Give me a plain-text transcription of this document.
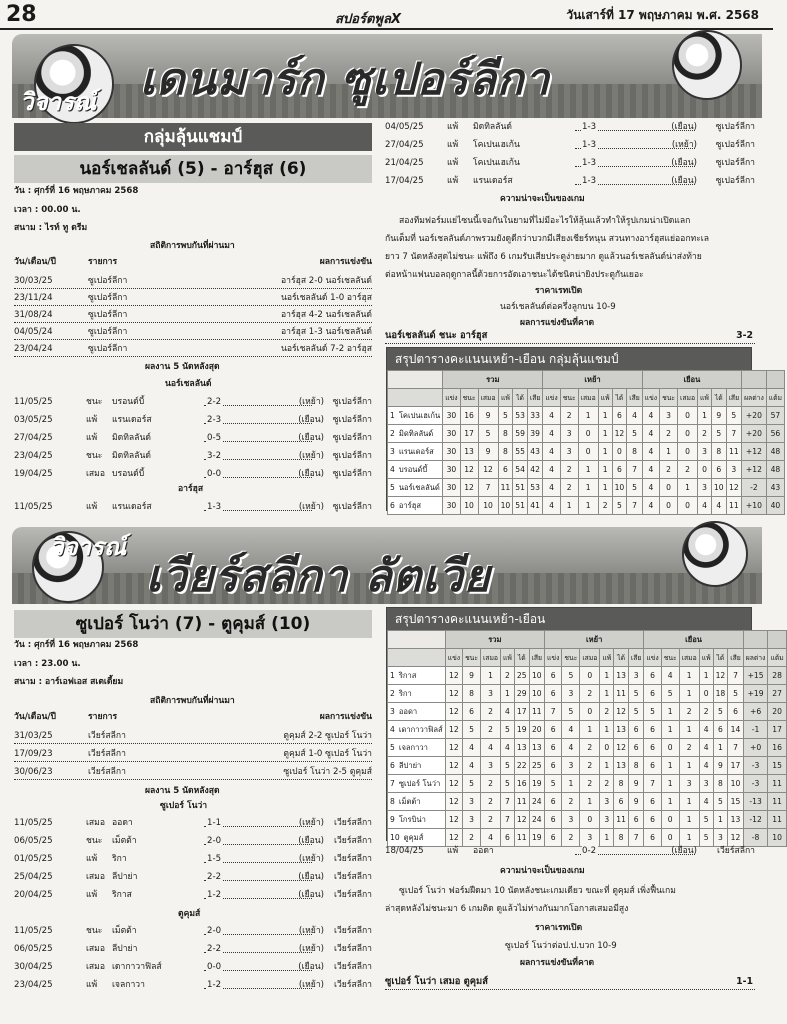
28	สปอร์ตพูลX	วันเสาร์ที่ 17 พฤษภาคม พ.ศ. 2568
วิจารณ์ เดนมาร์ก ซูเปอร์ลีกา
กลุ่มลุ้นแชมป์
นอร์เชลลันด์ (5) - อาร์ฮุส (6)
วัน : ศุกร์ที่ 16 พฤษภาคม 2568
เวลา : 00.00 น.
สนาม : ไรท์ ทู ดรีม
สถิติการพบกันที่ผ่านมา
วัน/เดือน/ปี	รายการ	ผลการแข่งขัน
30/03/25	ซูเปอร์ลีกา	อาร์ฮุส 2-0 นอร์เชลลันด์
23/11/24	ซูเปอร์ลีกา	นอร์เชลลันด์ 1-0 อาร์ฮุส
31/08/24	ซูเปอร์ลีกา	อาร์ฮุส 4-2 นอร์เชลลันด์
04/05/24	ซูเปอร์ลีกา	อาร์ฮุส 1-3 นอร์เชลลันด์
23/04/24	ซูเปอร์ลีกา	นอร์เชลลันด์ 7-2 อาร์ฮุส
ผลงาน 5 นัดหลังสุด
นอร์เชลลันด์
11/05/25	ชนะ บรอนด์บี้	2-2	(เหย้า) ซูเปอร์ลีกา
03/05/25	แพ้ แรนเดอร์ส	2-3	(เยือน) ซูเปอร์ลีกา
27/04/25	แพ้ มิดทิลลันด์	0-5	(เยือน) ซูเปอร์ลีกา
23/04/25	ชนะ มิดทิลลันด์	3-2	(เหย้า) ซูเปอร์ลีกา
19/04/25	เสมอ บรอนด์บี้	0-0	(เยือน) ซูเปอร์ลีกา
อาร์ฮุส
11/05/25	แพ้ แรนเดอร์ส	1-3	(เหย้า) ซูเปอร์ลีกา
04/05/25	แพ้ มิดทิลลันด์	1-3	(เยือน) ซูเปอร์ลีกา
27/04/25	แพ้ โคเปนเฮเก้น	1-3	(เหย้า) ซูเปอร์ลีกา
21/04/25	แพ้ โคเปนเฮเก้น	1-3	(เยือน) ซูเปอร์ลีกา
17/04/25	แพ้ แรนเดอร์ส	1-3	(เยือน) ซูเปอร์ลีกา
ความน่าจะเป็นของเกม
สองทีมฟอร์มแย่ไซนนี้เจอกันในยามที่ไม่มีอะไรให้ลุ้นแล้วทำให้รูปเกมน่าเปิดแลก
กันเต็มที่ นอร์เชลลันด์ภาพรวมยังดูดีกว่าบวกมีเสียงเชียร์หนุน สวนทางอาร์ฮุสแย่ออกทะเล
ยาว 7 นัดหลังสุดไม่ชนะ แพ้ถึง 6 เกมรับเสียประตูง่ายมาก ดูแล้วนอร์เชลลันด์น่าส่งท้าย
ต่อหน้าแฟนบอลฤดูกาลนี้ด้วยการอัดเอาชนะได้ชนิดน่ายิงประตูกันเยอะ
ราคาเรทเปิด
นอร์เชลลันด์ต่อครึ่งลูกบน 10-9
ผลการแข่งขันที่คาด
นอร์เชลลันด์ ชนะ อาร์ฮุส	3-2
สรุปตารางคะแนนเหย้า-เยือน กลุ่มลุ้นแชมป์
	รวม						เหย้า						เยือน							
	แข่ง	ชนะ	เสมอ	แพ้	ได้	เสีย	แข่ง	ชนะ	เสมอ	แพ้	ได้	เสีย	แข่ง	ชนะ	เสมอ	แพ้	ได้	เสีย	ผลต่าง	แต้ม
1 โคเปนเฮเก้น	30	16	9	5	53	33	4	2	1	1	6	4	4	3	0	1	9	5	+20	57
2 มิดทิลลันด์	30	17	5	8	59	39	4	3	0	1	12	5	4	2	0	2	5	7	+20	56
3 แรนเดอร์ส	30	13	9	8	55	43	4	3	0	1	0	8	4	1	0	3	8	11	+12	48
4 บรอนด์บี้	30	12	12	6	54	42	4	2	1	1	6	7	4	2	2	0	6	3	+12	48
5 นอร์เชลลันด์	30	12	7	11	51	53	4	2	1	1	10	5	4	0	1	3	10	12	-2	43
6 อาร์ฮุส	30	10	10	10	51	41	4	1	1	2	5	7	4	0	0	4	4	11	+10	40
วิจารณ์
เวียร์สลีกา ลัตเวีย
ซูเปอร์ โนว่า (7) - ตูคุมส์ (10)
วัน : ศุกร์ที่ 16 พฤษภาคม 2568
เวลา : 23.00 น.
สนาม : อาร์เอฟเอส สเตเดี้ยม
สถิติการพบกันที่ผ่านมา
วัน/เดือน/ปี	รายการ	ผลการแข่งขัน
31/03/25	เวียร์สลีกา	ตูคุมส์ 2-2 ซูเปอร์ โนว่า
17/09/23	เวียร์สลีกา	ตูคุมส์ 1-0 ซูเปอร์ โนว่า
30/06/23	เวียร์สลีกา	ซูเปอร์ โนว่า 2-5 ตูคุมส์
ผลงาน 5 นัดหลังสุด
ซูเปอร์ โนว่า
11/05/25	เสมอ ออดา	1-1	(เหย้า) เวียร์สลีกา
06/05/25	ชนะ เม็ตต้า	2-0	(เยือน) เวียร์สลีกา
01/05/25	แพ้ ริกา	1-5	(เหย้า) เวียร์สลีกา
25/04/25	เสมอ ลีปาย่า	2-2	(เยือน) เวียร์สลีกา
20/04/25	แพ้ ริกาส	1-2	(เยือน) เวียร์สลีกา
ตูคุมส์
11/05/25	ชนะ เม็ตต้า	2-0	(เหย้า) เวียร์สลีกา
06/05/25	เสมอ ลีปาย่า	2-2	(เหย้า) เวียร์สลีกา
30/04/25	เสมอ เดากาวาฟิลส์	0-0	(เยือน) เวียร์สลีกา
23/04/25	แพ้ เจลกาวา	1-2	(เหย้า) เวียร์สลีกา
สรุปตารางคะแนนเหย้า-เยือน
	รวม						เหย้า						เยือน							
	แข่ง	ชนะ	เสมอ	แพ้	ได้	เสีย	แข่ง	ชนะ	เสมอ	แพ้	ได้	เสีย	แข่ง	ชนะ	เสมอ	แพ้	ได้	เสีย	ผลต่าง	แต้ม
1 ริกาส	12	9	1	2	25	10	6	5	0	1	13	3	6	4	1	1	12	7	+15	28
2 ริกา	12	8	3	1	29	10	6	3	2	1	11	5	6	5	1	0	18	5	+19	27
3 ออดา	12	6	2	4	17	11	7	5	0	2	12	5	5	1	2	2	5	6	+6	20
4 เดากาวาฟิลส์	12	5	2	5	19	20	6	4	1	1	13	6	6	1	1	4	6	14	-1	17
5 เจลกาวา	12	4	4	4	13	13	6	4	2	0	12	6	6	0	2	4	1	7	+0	16
6 ลีปาย่า	12	4	3	5	22	25	6	3	2	1	13	8	6	1	1	4	9	17	-3	15
7 ซูเปอร์ โนว่า	12	5	2	5	16	19	5	1	2	2	8	9	7	1	3	3	8	10	-3	11
8 เม็ตต้า	12	3	2	7	11	24	6	2	1	3	6	9	6	1	1	4	5	15	-13	11
9 โกรบิน่า	12	3	2	7	12	24	6	3	0	3	11	6	6	0	1	5	1	13	-12	11
10 ตูคุมส์	12	2	4	6	11	19	6	2	3	1	8	7	6	0	1	5	3	12	-8	10
18/04/25	แพ้ ออดา	0-2	(เยือน) เวียร์สลีกา
ความน่าจะเป็นของเกม
ซูเปอร์ โนว่า ฟอร์มฝืดมา 10 นัดหลังชนะเกมเดียว ขณะที่ ตูคุมส์ เพิ่งฟื้นเกม
ล่าสุดหลังไม่ชนะมา 6 เกมติด ดูแล้วไม่ห่างกันมากโอกาสเสมอมีสูง
ราคาเรทเปิด
ซูเปอร์ โนว่าต่อป.ป.บวก 10-9
ผลการแข่งขันที่คาด
ซูเปอร์ โนว่า เสมอ ตูคุมส์	1-1
